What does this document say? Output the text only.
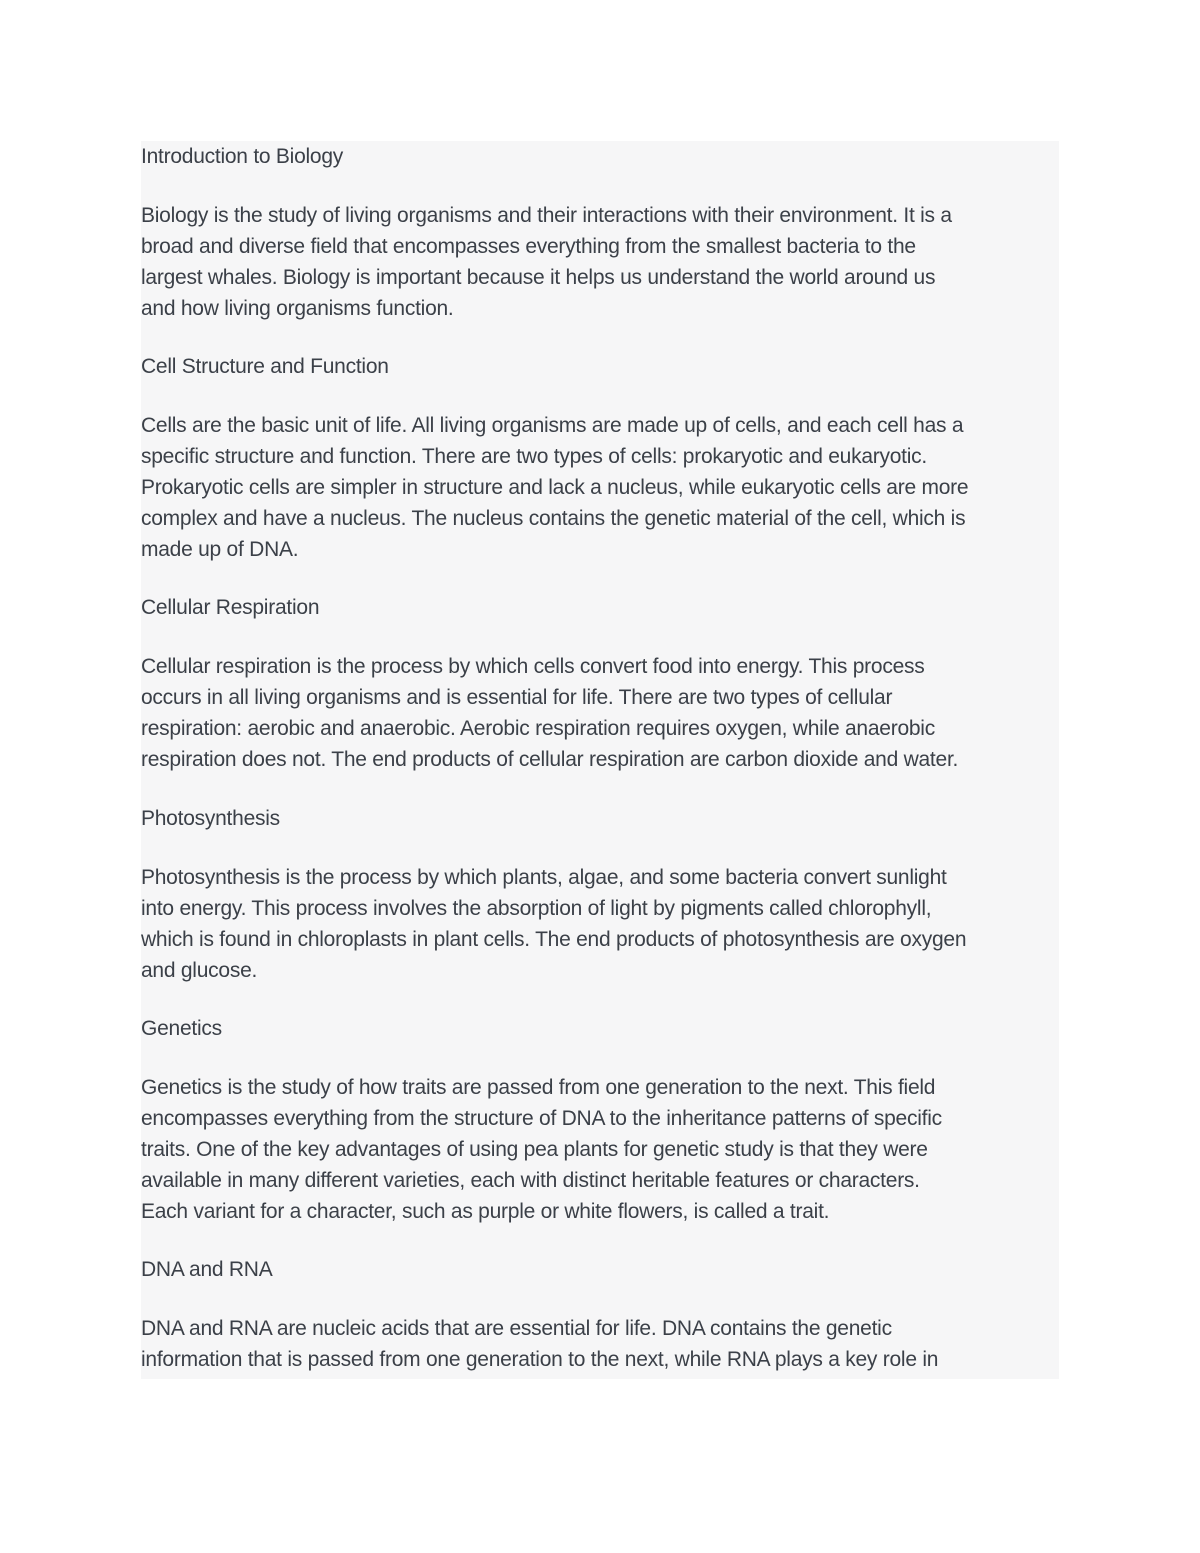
Introduction to Biology

Biology is the study of living organisms and their interactions with their environment. It is a
broad and diverse field that encompasses everything from the smallest bacteria to the
largest whales. Biology is important because it helps us understand the world around us
and how living organisms function.

Cell Structure and Function

Cells are the basic unit of life. All living organisms are made up of cells, and each cell has a
specific structure and function. There are two types of cells: prokaryotic and eukaryotic.
Prokaryotic cells are simpler in structure and lack a nucleus, while eukaryotic cells are more
complex and have a nucleus. The nucleus contains the genetic material of the cell, which is
made up of DNA.

Cellular Respiration

Cellular respiration is the process by which cells convert food into energy. This process
occurs in all living organisms and is essential for life. There are two types of cellular
respiration: aerobic and anaerobic. Aerobic respiration requires oxygen, while anaerobic
respiration does not. The end products of cellular respiration are carbon dioxide and water.

Photosynthesis

Photosynthesis is the process by which plants, algae, and some bacteria convert sunlight
into energy. This process involves the absorption of light by pigments called chlorophyll,
which is found in chloroplasts in plant cells. The end products of photosynthesis are oxygen
and glucose.

Genetics

Genetics is the study of how traits are passed from one generation to the next. This field
encompasses everything from the structure of DNA to the inheritance patterns of specific
traits. One of the key advantages of using pea plants for genetic study is that they were
available in many different varieties, each with distinct heritable features or characters.
Each variant for a character, such as purple or white flowers, is called a trait.

DNA and RNA

DNA and RNA are nucleic acids that are essential for life. DNA contains the genetic
information that is passed from one generation to the next, while RNA plays a key role in
